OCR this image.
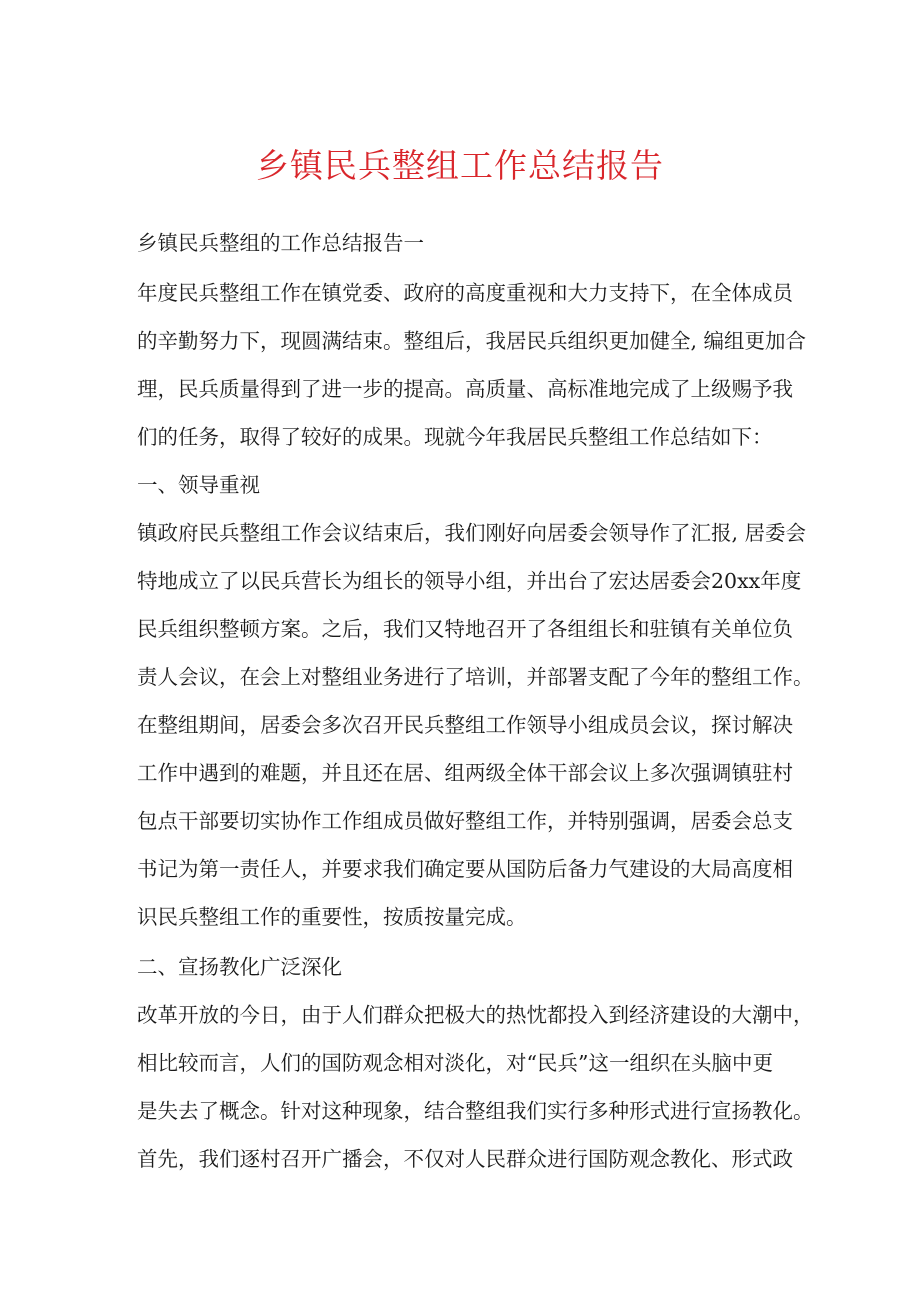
乡镇民兵整组工作总结报告
乡镇民兵整组的工作总结报告一
年度民兵整组工作在镇党委、政府的高度重视和大力支持下，在全体成员
的辛勤努力下，现圆满结束。整组后，我居民兵组织更加健全, 编组更加合
理，民兵质量得到了进一步的提高。高质量、高标准地完成了上级赐予我
们的任务，取得了较好的成果。现就今年我居民兵整组工作总结如下：
一、领导重视
镇政府民兵整组工作会议结束后，我们刚好向居委会领导作了汇报, 居委会
特地成立了以民兵营长为组长的领导小组，并出台了宏达居委会20xx年度
民兵组织整顿方案。之后，我们又特地召开了各组组长和驻镇有关单位负
责人会议，在会上对整组业务进行了培训，并部署支配了今年的整组工作。
在整组期间，居委会多次召开民兵整组工作领导小组成员会议，探讨解决
工作中遇到的难题，并且还在居、组两级全体干部会议上多次强调镇驻村
包点干部要切实协作工作组成员做好整组工作，并特别强调，居委会总支
书记为第一责任人，并要求我们确定要从国防后备力气建设的大局高度相
识民兵整组工作的重要性，按质按量完成。
二、宣扬教化广泛深化
改革开放的今日，由于人们群众把极大的热忱都投入到经济建设的大潮中，
相比较而言，人们的国防观念相对淡化，对“民兵”这一组织在头脑中更
是失去了概念。针对这种现象，结合整组我们实行多种形式进行宣扬教化。
首先，我们逐村召开广播会，不仅对人民群众进行国防观念教化、形式政
